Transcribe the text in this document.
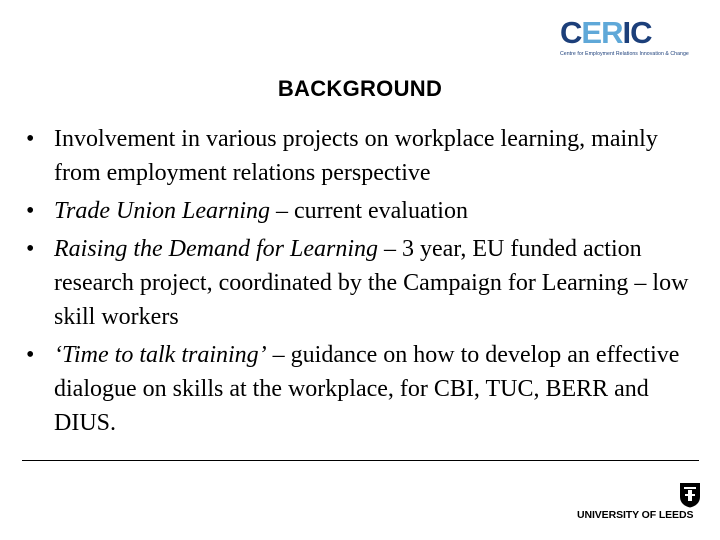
C ER IC
Centre for Employment Relations Innovation & Change
BACKGROUND
• Involvement in various projects on workplace learning, mainly from employment relations perspective
• Trade Union Learning – current evaluation
• Raising the Demand for Learning – 3 year, EU funded action research project, coordinated by the Campaign for Learning – low skill workers
• ‘Time to talk training’ – guidance on how to develop an effective dialogue on skills at the workplace, for CBI, TUC, BERR and DIUS.
UNIVERSITY OF LEEDS
